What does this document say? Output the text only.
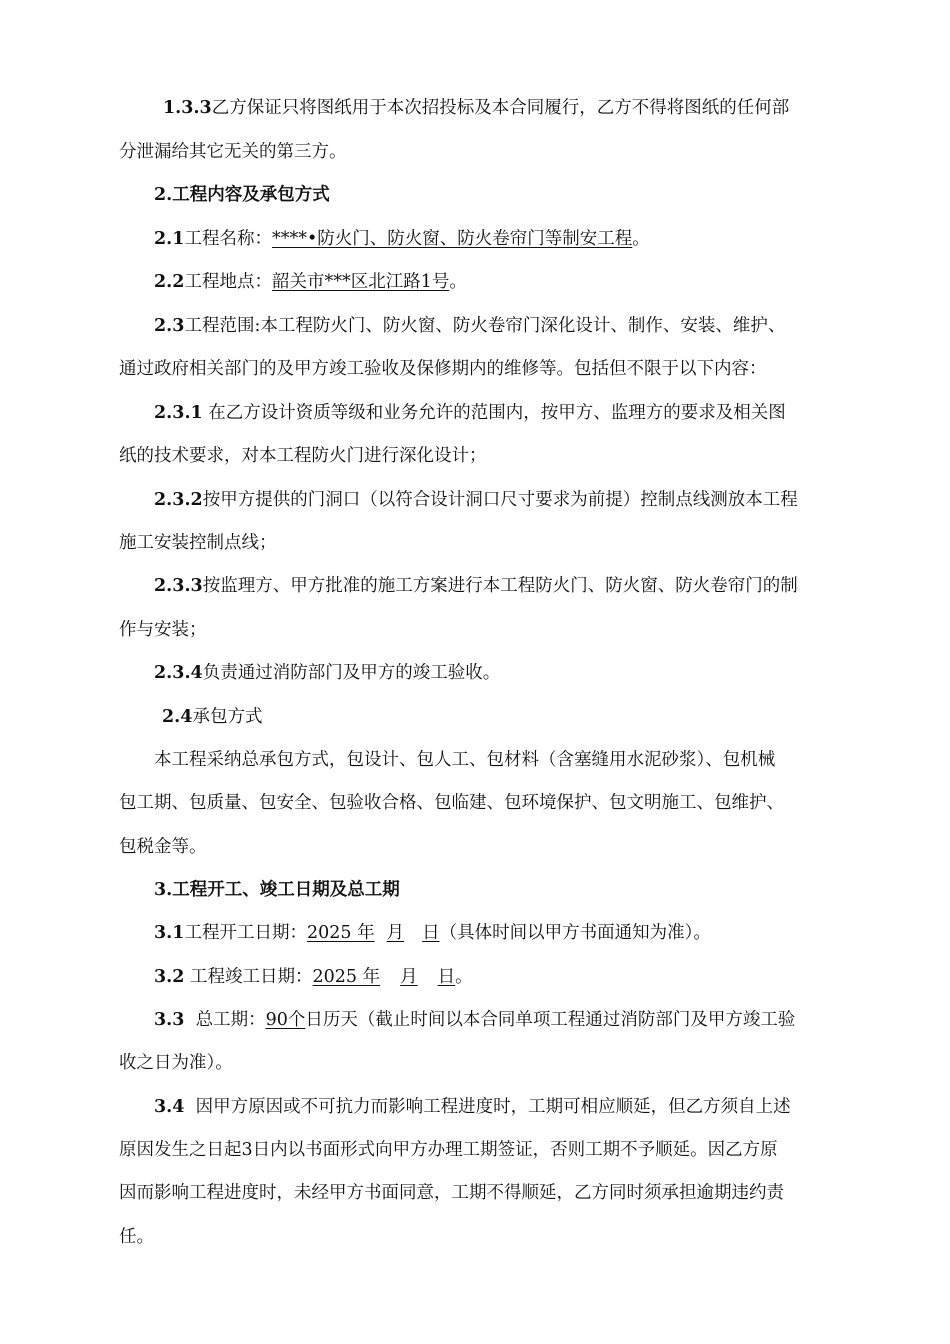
1.3.3乙方保证只将图纸用于本次招投标及本合同履行，乙方不得将图纸的任何部
分泄漏给其它无关的第三方。
2.工程内容及承包方式
2.1工程名称：****•防火门、防火窗、防火卷帘门等制安工程。
2.2工程地点：韶关市***区北江路1号。
2.3工程范围:本工程防火门、防火窗、防火卷帘门深化设计、制作、安装、维护、
通过政府相关部门的及甲方竣工验收及保修期内的维修等。包括但不限于以下内容：
2.3.1 在乙方设计资质等级和业务允许的范围内，按甲方、监理方的要求及相关图
纸的技术要求，对本工程防火门进行深化设计；
2.3.2按甲方提供的门洞口（以符合设计洞口尺寸要求为前提）控制点线测放本工程
施工安装控制点线；
2.3.3按监理方、甲方批准的施工方案进行本工程防火门、防火窗、防火卷帘门的制
作与安装；
2.3.4负责通过消防部门及甲方的竣工验收。
2.4承包方式
本工程采纳总承包方式，包设计、包人工、包材料（含塞缝用水泥砂浆）、包机械
包工期、包质量、包安全、包验收合格、包临建、包环境保护、包文明施工、包维护、
包税金等。
3.工程开工、竣工日期及总工期
3.1工程开工日期：2025 年 月 日（具体时间以甲方书面通知为准）。
3.2 工程竣工日期：2025 年 月 日。
3.3 总工期：90个日历天（截止时间以本合同单项工程通过消防部门及甲方竣工验
收之日为准）。
3.4 因甲方原因或不可抗力而影响工程进度时，工期可相应顺延，但乙方须自上述
原因发生之日起3日内以书面形式向甲方办理工期签证，否则工期不予顺延。因乙方原
因而影响工程进度时，未经甲方书面同意，工期不得顺延，乙方同时须承担逾期违约责
任。
